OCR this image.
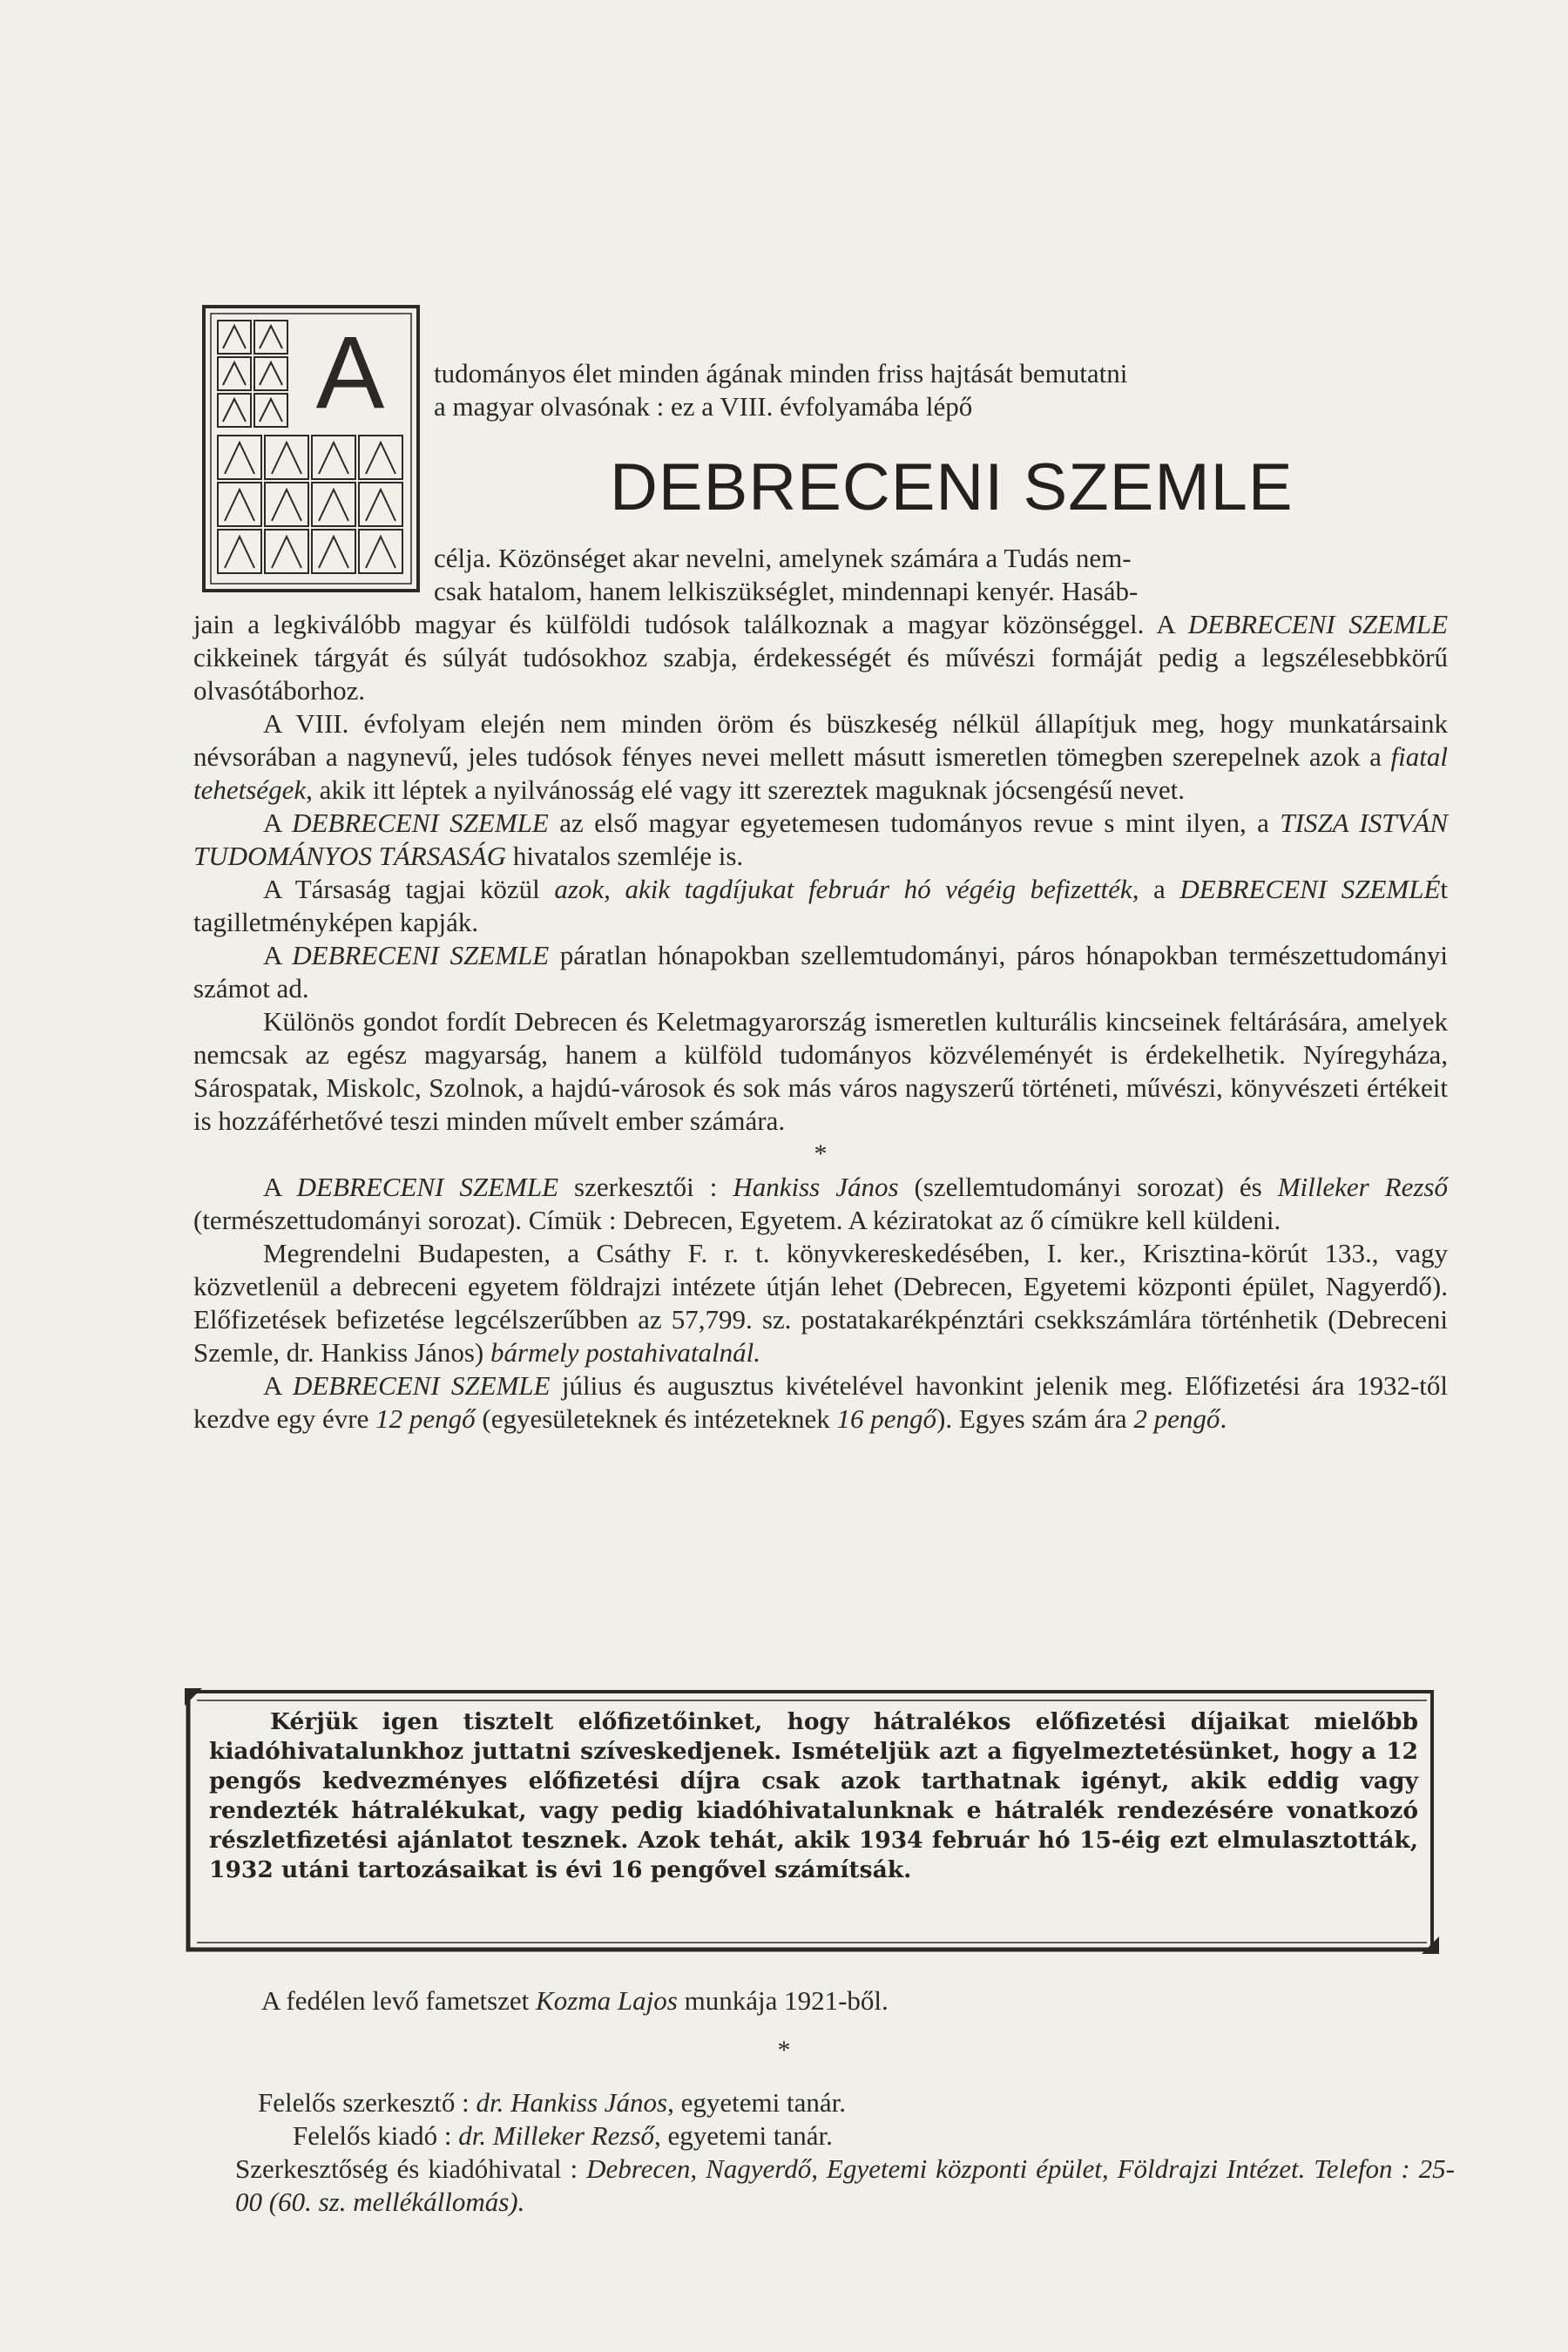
A tudományos élet minden ágának minden friss hajtását bemutatni

a magyar olvasónak : ez a VIII. évfolyamába lépő

DEBRECENI SZEMLE

célja. Közönséget akar nevelni, amelynek számára a Tudás nem-

csak hatalom, hanem lelkiszükséglet, mindennapi kenyér. Hasáb-

jain a legkiválóbb magyar és külföldi tudósok találkoznak a magyar közönséggel. A DEBRECENI SZEMLE cikkeinek tárgyát és súlyát tudósokhoz szabja, érdekességét és művészi formáját pedig a legszélesebbkörű olvasótáborhoz.

A VIII. évfolyam elején nem minden öröm és büszkeség nélkül állapítjuk meg, hogy munkatársaink névsorában a nagynevű, jeles tudósok fényes nevei mellett másutt ismeretlen tömegben szerepelnek azok a fiatal tehetségek, akik itt léptek a nyilvánosság elé vagy itt szereztek maguknak jócsengésű nevet.

A DEBRECENI SZEMLE az első magyar egyetemesen tudományos revue s mint ilyen, a TISZA ISTVÁN TUDOMÁNYOS TÁRSASÁG hivatalos szemléje is.

A Társaság tagjai közül azok, akik tagdíjukat február hó végéig befizették, a DEBRECENI SZEMLÉt tagilletményképen kapják.

A DEBRECENI SZEMLE páratlan hónapokban szellemtudományi, páros hónapokban természettudományi számot ad.

Különös gondot fordít Debrecen és Keletmagyarország ismeretlen kulturális kincseinek feltárására, amelyek nemcsak az egész magyarság, hanem a külföld tudományos közvéleményét is érdekelhetik. Nyíregyháza, Sárospatak, Miskolc, Szolnok, a hajdú-városok és sok más város nagyszerű történeti, művészi, könyvészeti értékeit is hozzáférhetővé teszi minden művelt ember számára.

*

A DEBRECENI SZEMLE szerkesztői : Hankiss János (szellemtudományi sorozat) és Milleker Rezső (természettudományi sorozat). Címük : Debrecen, Egyetem. A kéziratokat az ő címükre kell küldeni.

Megrendelni Budapesten, a Csáthy F. r. t. könyvkereskedésében, I. ker., Krisztina-körút 133., vagy közvetlenül a debreceni egyetem földrajzi intézete útján lehet (Debrecen, Egyetemi központi épület, Nagyerdő). Előfizetések befizetése legcélszerűbben az 57,799. sz. postatakarékpénztári csekkszámlára történhetik (Debreceni Szemle, dr. Hankiss János) bármely postahivatalnál.

A DEBRECENI SZEMLE július és augusztus kivételével havonkint jelenik meg. Előfizetési ára 1932-től kezdve egy évre 12 pengő (egyesületeknek és intézeteknek 16 pengő). Egyes szám ára 2 pengő.

Kérjük igen tisztelt előfizetőinket, hogy hátralékos előfizetési díjaikat mielőbb kiadóhivatalunkhoz juttatni szíveskedjenek. Ismételjük azt a figyelmeztetésünket, hogy a 12 pengős kedvezményes előfizetési díjra csak azok tarthatnak igényt, akik eddig vagy rendezték hátralékukat, vagy pedig kiadóhivatalunknak e hátralék rendezésére vonatkozó részletfizetési ajánlatot tesznek. Azok tehát, akik 1934 február hó 15-éig ezt elmulasztották, 1932 utáni tartozásaikat is évi 16 pengővel számítsák.

A fedélen levő fametszet Kozma Lajos munkája 1921-ből.

*

Felelős szerkesztő : dr. Hankiss János, egyetemi tanár.

Felelős kiadó : dr. Milleker Rezső, egyetemi tanár.

Szerkesztőség és kiadóhivatal : Debrecen, Nagyerdő, Egyetemi központi épület, Földrajzi Intézet. Telefon : 25-00 (60. sz. mellékállomás).
